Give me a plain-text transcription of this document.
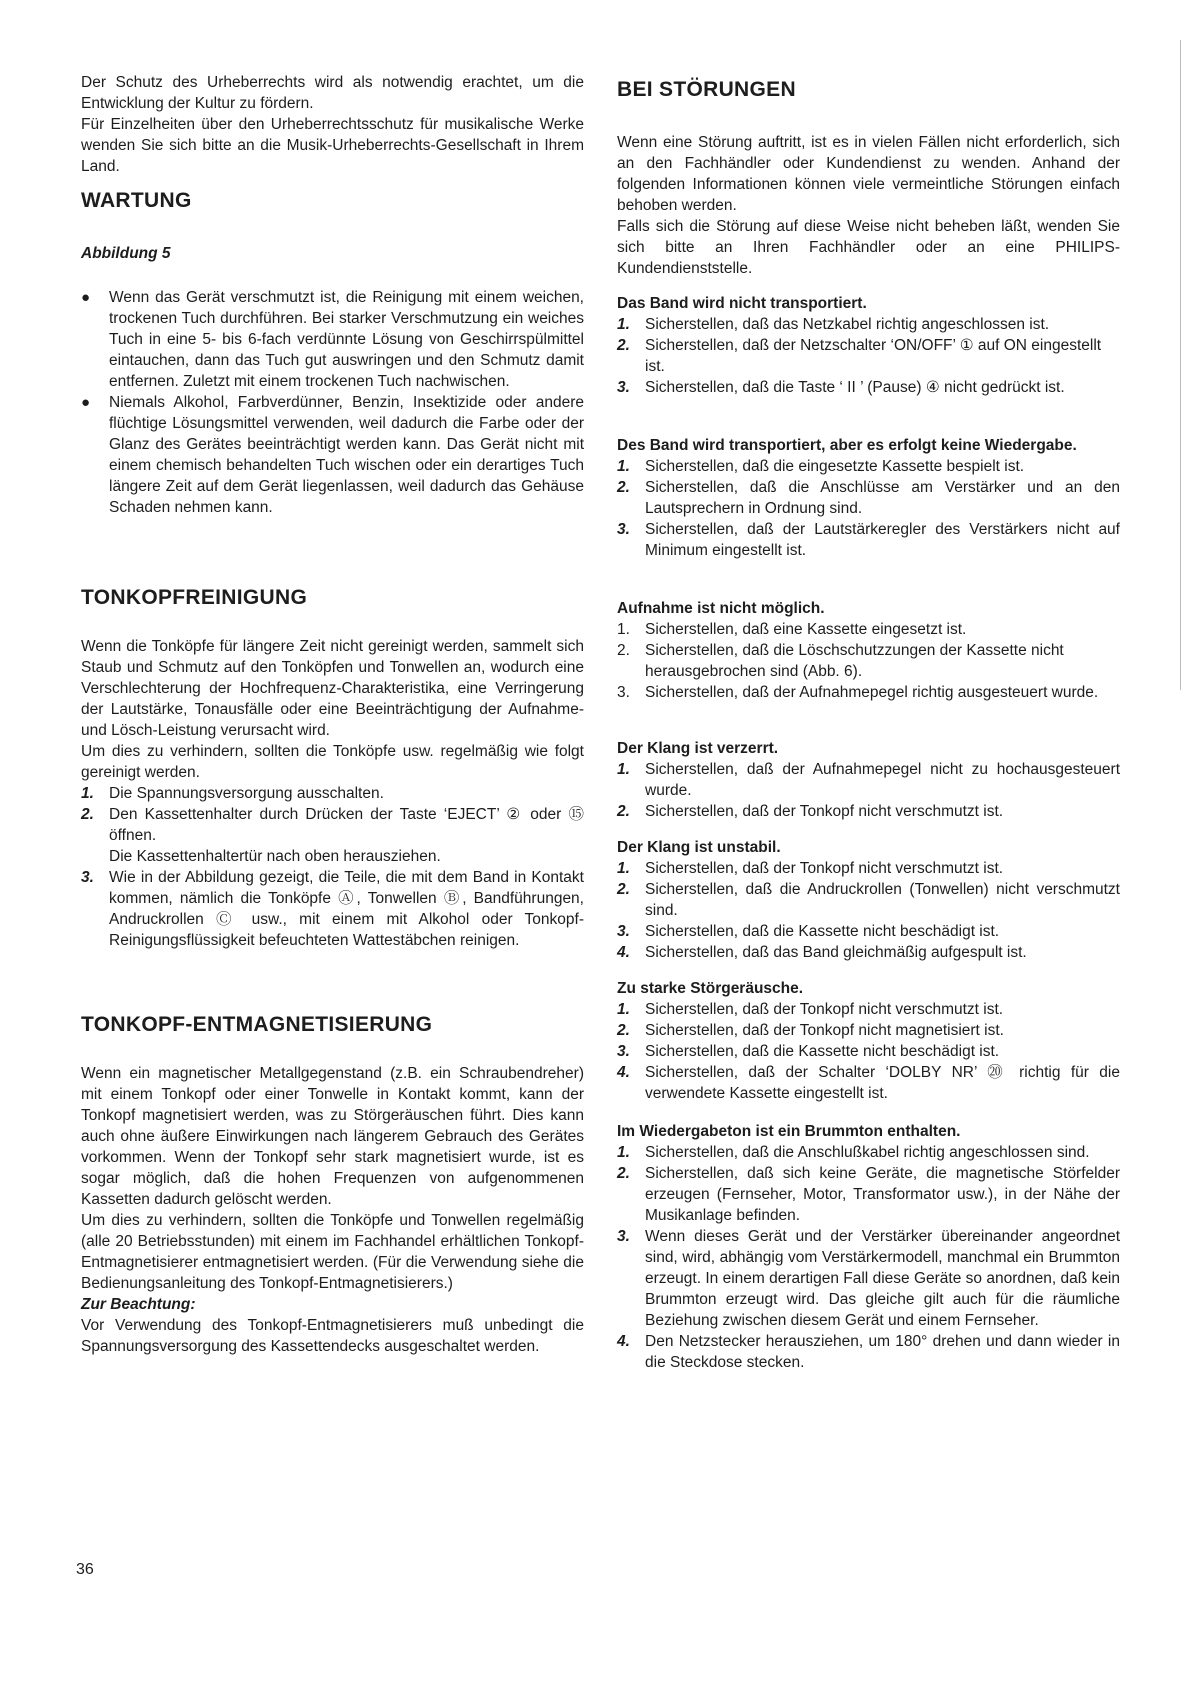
Der Schutz des Urheberrechts wird als notwendig erachtet, um die Entwicklung der Kultur zu fördern.

Für Einzelheiten über den Urheberrechtsschutz für musikalische Werke wenden Sie sich bitte an die Musik-Urheberrechts-Gesellschaft in Ihrem Land.

WARTUNG

Abbildung 5

● Wenn das Gerät verschmutzt ist, die Reinigung mit einem weichen, trockenen Tuch durchführen. Bei starker Verschmutzung ein weiches Tuch in eine 5- bis 6-fach verdünnte Lösung von Geschirrspülmittel eintauchen, dann das Tuch gut auswringen und den Schmutz damit entfernen. Zuletzt mit einem trockenen Tuch nachwischen.
● Niemals Alkohol, Farbverdünner, Benzin, Insektizide oder andere flüchtige Lösungsmittel verwenden, weil dadurch die Farbe oder der Glanz des Gerätes beeinträchtigt werden kann. Das Gerät nicht mit einem chemisch behandelten Tuch wischen oder ein derartiges Tuch längere Zeit auf dem Gerät liegenlassen, weil dadurch das Gehäuse Schaden nehmen kann.
TONKOPFREINIGUNG

Wenn die Tonköpfe für längere Zeit nicht gereinigt werden, sammelt sich Staub und Schmutz auf den Tonköpfen und Tonwellen an, wodurch eine Verschlechterung der Hochfrequenz-Charakteristika, eine Verringerung der Lautstärke, Tonausfälle oder eine Beeinträchtigung der Aufnahme- und Lösch-Leistung verursacht wird.

Um dies zu verhindern, sollten die Tonköpfe usw. regelmäßig wie folgt gereinigt werden.

1. Die Spannungsversorgung ausschalten.
2. Den Kassettenhalter durch Drücken der Taste ‘EJECT’ ② oder ⑮ öffnen.
Die Kassettenhaltertür nach oben herausziehen.
3. Wie in der Abbildung gezeigt, die Teile, die mit dem Band in Kontakt kommen, nämlich die Tonköpfe Ⓐ, Tonwellen Ⓑ, Bandführungen, Andruckrollen Ⓒ usw., mit einem mit Alkohol oder Tonkopf-Reinigungsflüssigkeit befeuchteten Wattestäbchen reinigen.
TONKOPF-ENTMAGNETISIERUNG

Wenn ein magnetischer Metallgegenstand (z.B. ein Schraubendreher) mit einem Tonkopf oder einer Tonwelle in Kontakt kommt, kann der Tonkopf magnetisiert werden, was zu Störgeräuschen führt. Dies kann auch ohne äußere Einwirkungen nach längerem Gebrauch des Gerätes vorkommen. Wenn der Tonkopf sehr stark magnetisiert wurde, ist es sogar möglich, daß die hohen Frequenzen von aufgenommenen Kassetten dadurch gelöscht werden.

Um dies zu verhindern, sollten die Tonköpfe und Tonwellen regelmäßig (alle 20 Betriebsstunden) mit einem im Fachhandel erhältlichen Tonkopf-Entmagnetisierer entmagnetisiert werden. (Für die Verwendung siehe die Bedienungsanleitung des Tonkopf-Entmagnetisierers.)

Zur Beachtung:

Vor Verwendung des Tonkopf-Entmagnetisierers muß unbedingt die Spannungsversorgung des Kassettendecks ausgeschaltet werden.

BEI STÖRUNGEN

Wenn eine Störung auftritt, ist es in vielen Fällen nicht erforderlich, sich an den Fachhändler oder Kundendienst zu wenden. Anhand der folgenden Informationen können viele vermeintliche Störungen einfach behoben werden.

Falls sich die Störung auf diese Weise nicht beheben läßt, wenden Sie sich bitte an Ihren Fachhändler oder an eine PHILIPS-Kundendienststelle.

Das Band wird nicht transportiert.

1. Sicherstellen, daß das Netzkabel richtig angeschlossen ist.
2. Sicherstellen, daß der Netzschalter ‘ON/OFF’ ① auf ON eingestellt ist.
3. Sicherstellen, daß die Taste ‘ II ’ (Pause) ④ nicht gedrückt ist.

Des Band wird transportiert, aber es erfolgt keine Wiedergabe.

1. Sicherstellen, daß die eingesetzte Kassette bespielt ist.
2. Sicherstellen, daß die Anschlüsse am Verstärker und an den Lautsprechern in Ordnung sind.
3. Sicherstellen, daß der Lautstärkeregler des Verstärkers nicht auf Minimum eingestellt ist.

Aufnahme ist nicht möglich.

1. Sicherstellen, daß eine Kassette eingesetzt ist.
2. Sicherstellen, daß die Löschschutzzungen der Kassette nicht herausgebrochen sind (Abb. 6).
3. Sicherstellen, daß der Aufnahmepegel richtig ausgesteuert wurde.

Der Klang ist verzerrt.

1. Sicherstellen, daß der Aufnahmepegel nicht zu hochausgesteuert wurde.
2. Sicherstellen, daß der Tonkopf nicht verschmutzt ist.

Der Klang ist unstabil.

1. Sicherstellen, daß der Tonkopf nicht verschmutzt ist.
2. Sicherstellen, daß die Andruckrollen (Tonwellen) nicht verschmutzt sind.
3. Sicherstellen, daß die Kassette nicht beschädigt ist.
4. Sicherstellen, daß das Band gleichmäßig aufgespult ist.

Zu starke Störgeräusche.

1. Sicherstellen, daß der Tonkopf nicht verschmutzt ist.
2. Sicherstellen, daß der Tonkopf nicht magnetisiert ist.
3. Sicherstellen, daß die Kassette nicht beschädigt ist.
4. Sicherstellen, daß der Schalter ‘DOLBY NR’ ⑳ richtig für die verwendete Kassette eingestellt ist.

Im Wiedergabeton ist ein Brummton enthalten.

1. Sicherstellen, daß die Anschlußkabel richtig angeschlossen sind.
2. Sicherstellen, daß sich keine Geräte, die magnetische Störfelder erzeugen (Fernseher, Motor, Transformator usw.), in der Nähe der Musikanlage befinden.
3. Wenn dieses Gerät und der Verstärker übereinander angeordnet sind, wird, abhängig vom Verstärkermodell, manchmal ein Brummton erzeugt. In einem derartigen Fall diese Geräte so anordnen, daß kein Brummton erzeugt wird. Das gleiche gilt auch für die räumliche Beziehung zwischen diesem Gerät und einem Fernseher.
4. Den Netzstecker herausziehen, um 180° drehen und dann wieder in die Steckdose stecken.
36
